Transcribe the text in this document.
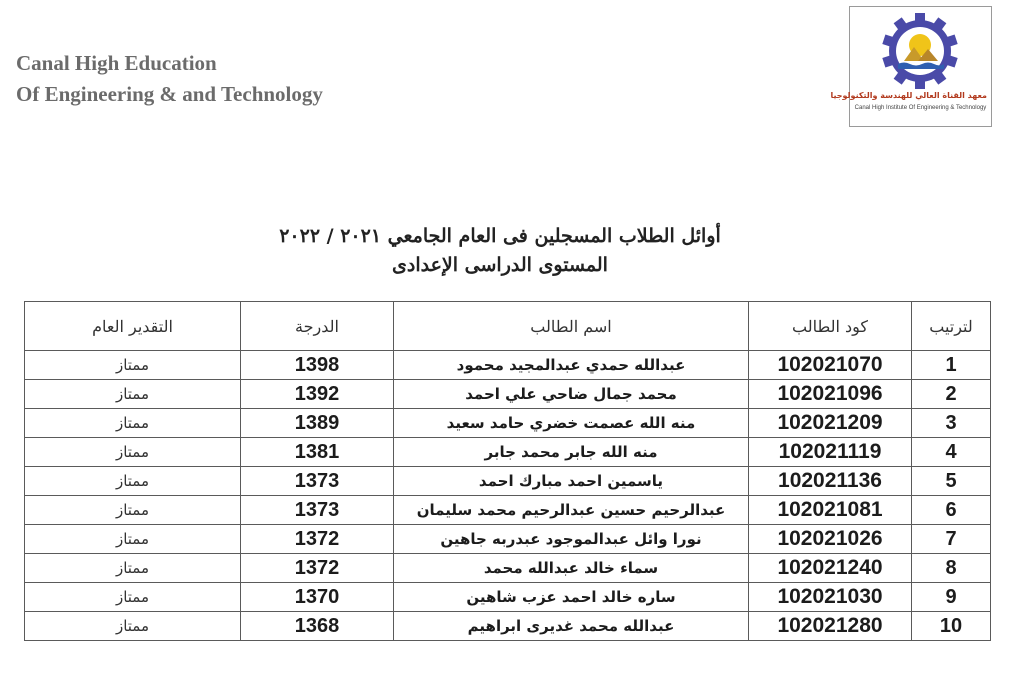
Canal High Education
Of Engineering & and Technology	معهد القناة العالي للهندسة والتكنولوجيا
Canal High Institute Of Engineering & Technology
أوائل الطلاب المسجلين فى العام الجامعي ٢٠٢١ / ٢٠٢٢
المستوى الدراسى الإعدادى
لترتيب	كود الطالب	اسم الطالب	الدرجة	التقدير العام
1	102021070	عبدالله حمدي عبدالمجيد محمود	1398	ممتاز
2	102021096	محمد جمال ضاحي علي احمد	1392	ممتاز
3	102021209	منه الله عصمت خضري حامد سعيد	1389	ممتاز
4	102021119	منه الله جابر محمد جابر	1381	ممتاز
5	102021136	ياسمين احمد مبارك احمد	1373	ممتاز
6	102021081	عبدالرحيم حسين عبدالرحيم محمد سليمان	1373	ممتاز
7	102021026	نورا وائل عبدالموجود عبدربه جاهين	1372	ممتاز
8	102021240	سماء خالد عبدالله محمد	1372	ممتاز
9	102021030	ساره خالد احمد عزب شاهين	1370	ممتاز
10	102021280	عبدالله محمد غديرى ابراهيم	1368	ممتاز
